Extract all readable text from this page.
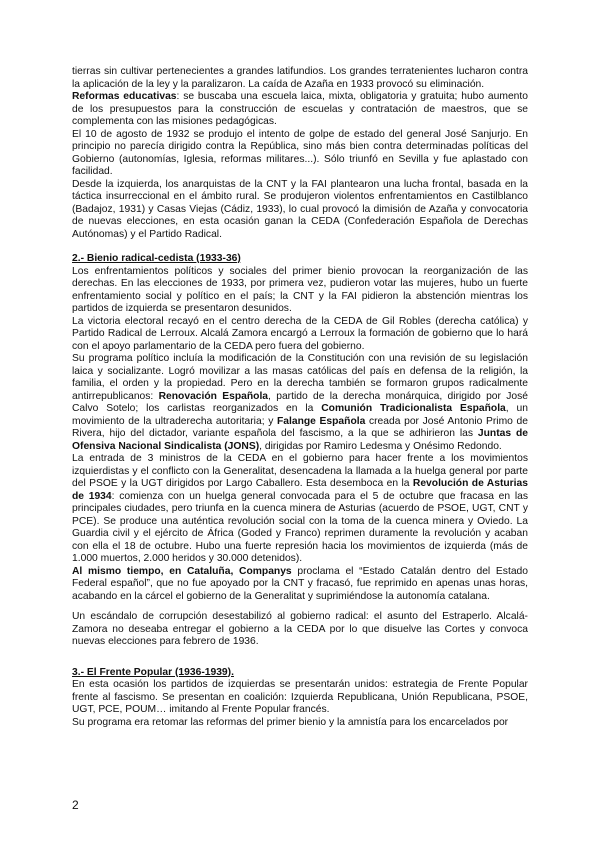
tierras sin cultivar pertenecientes a grandes latifundios. Los grandes terratenientes lucharon contra la aplicación de la ley y la paralizaron. La caída de Azaña en 1933 provocó su eliminación.

Reformas educativas: se buscaba una escuela laica, mixta, obligatoria y gratuita; hubo aumento de los presupuestos para la construcción de escuelas y contratación de maestros, que se complementa con las misiones pedagógicas.

El 10 de agosto de 1932 se produjo el intento de golpe de estado del general José Sanjurjo. En principio no parecía dirigido contra la República, sino más bien contra determinadas políticas del Gobierno (autonomías, Iglesia, reformas militares...). Sólo triunfó en Sevilla y fue aplastado con facilidad.

Desde la izquierda, los anarquistas de la CNT y la FAI plantearon una lucha frontal, basada en la táctica insurreccional en el ámbito rural. Se produjeron violentos enfrentamientos en Castilblanco (Badajoz, 1931) y Casas Viejas (Cádiz, 1933), lo cual provocó la dimisión de Azaña y convocatoria de nuevas elecciones, en esta ocasión ganan la CEDA (Confederación Española de Derechas Autónomas) y el Partido Radical.

2.- Bienio radical-cedista (1933-36)

Los enfrentamientos políticos y sociales del primer bienio provocan la reorganización de las derechas. En las elecciones de 1933, por primera vez, pudieron votar las mujeres, hubo un fuerte enfrentamiento social y político en el país; la CNT y la FAI pidieron la abstención mientras los partidos de izquierda se presentaron desunidos.

La victoria electoral recayó en el centro derecha de la CEDA de Gil Robles (derecha católica) y Partido Radical de Lerroux. Alcalá Zamora encargó a Lerroux la formación de gobierno que lo hará con el apoyo parlamentario de la CEDA pero fuera del gobierno.

Su programa político incluía la modificación de la Constitución con una revisión de su legislación laica y socializante. Logró movilizar a las masas católicas del país en defensa de la religión, la familia, el orden y la propiedad. Pero en la derecha también se formaron grupos radicalmente antirrepublicanos: Renovación Española, partido de la derecha monárquica, dirigido por José Calvo Sotelo; los carlistas reorganizados en la Comunión Tradicionalista Española, un movimiento de la ultraderecha autoritaria; y Falange Española creada por José Antonio Primo de Rivera, hijo del dictador, variante española del fascismo, a la que se adhirieron las Juntas de Ofensiva Nacional Sindicalista (JONS), dirigidas por Ramiro Ledesma y Onésimo Redondo.

La entrada de 3 ministros de la CEDA en el gobierno para hacer frente a los movimientos izquierdistas y el conflicto con la Generalitat, desencadena la llamada a la huelga general por parte del PSOE y la UGT dirigidos por Largo Caballero. Esta desemboca en la Revolución de Asturias de 1934: comienza con un huelga general convocada para el 5 de octubre que fracasa en las principales ciudades, pero triunfa en la cuenca minera de Asturias (acuerdo de PSOE, UGT, CNT y PCE). Se produce una auténtica revolución social con la toma de la cuenca minera y Oviedo. La Guardia civil y el ejército de África (Goded y Franco) reprimen duramente la revolución y acaban con ella el 18 de octubre. Hubo una fuerte represión hacia los movimientos de izquierda (más de 1.000 muertos, 2.000 heridos y 30.000 detenidos).

Al mismo tiempo, en Cataluña, Companys proclama el “Estado Catalán dentro del Estado Federal español”, que no fue apoyado por la CNT y fracasó, fue reprimido en apenas unas horas, acabando en la cárcel el gobierno de la Generalitat y suprimiéndose la autonomía catalana.

Un escándalo de corrupción desestabilizó al gobierno radical: el asunto del Estraperlo. Alcalá-Zamora no deseaba entregar el gobierno a la CEDA por lo que disuelve las Cortes y convoca nuevas elecciones para febrero de 1936.

3.- El Frente Popular (1936-1939).

En esta ocasión los partidos de izquierdas se presentarán unidos: estrategia de Frente Popular frente al fascismo. Se presentan en coalición: Izquierda Republicana, Unión Republicana, PSOE, UGT, PCE, POUM… imitando al Frente Popular francés.

Su programa era retomar las reformas del primer bienio y la amnistía para los encarcelados por

2
